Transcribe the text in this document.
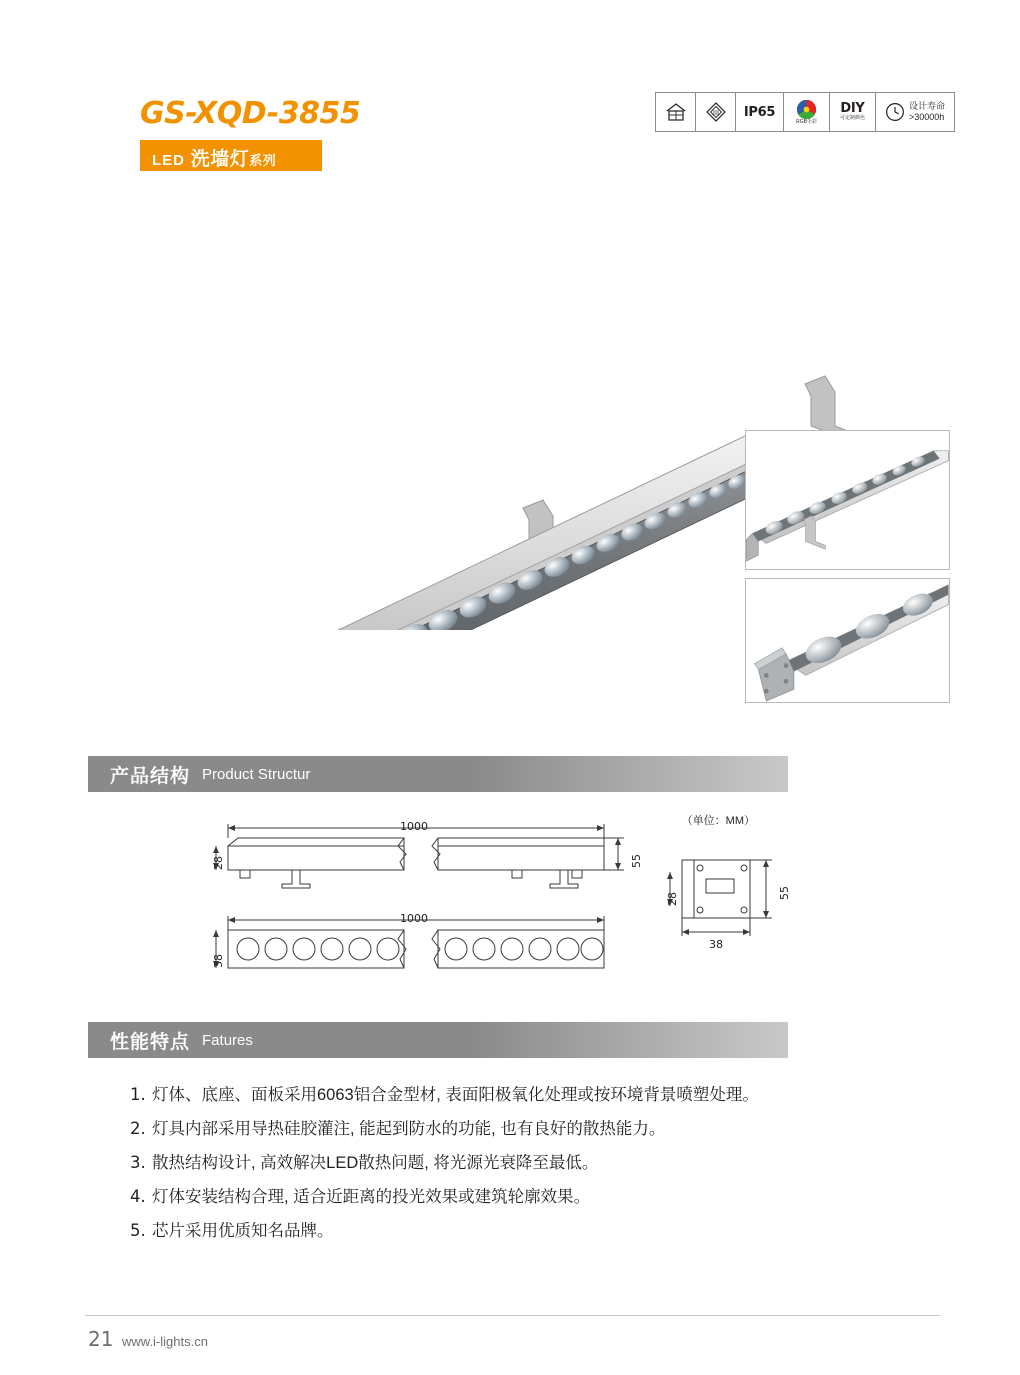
GS-XQD-3855
LED 洗墙灯系列
III IP65
RGB全彩
DIY
可定制颜色
设计寿命
>30000h
产品结构 Product Structur
（单位：MM）
1000
28	55
1000
38
28	55
38
性能特点 Fatures
1. 灯体、底座、面板采用6063铝合金型材, 表面阳极氧化处理或按环境背景喷塑处理。
2. 灯具内部采用导热硅胶灌注, 能起到防水的功能, 也有良好的散热能力。
3. 散热结构设计, 高效解决LED散热问题, 将光源光衰降至最低。
4. 灯体安装结构合理, 适合近距离的投光效果或建筑轮廓效果。
5. 芯片采用优质知名品牌。
21 www.i-lights.cn
